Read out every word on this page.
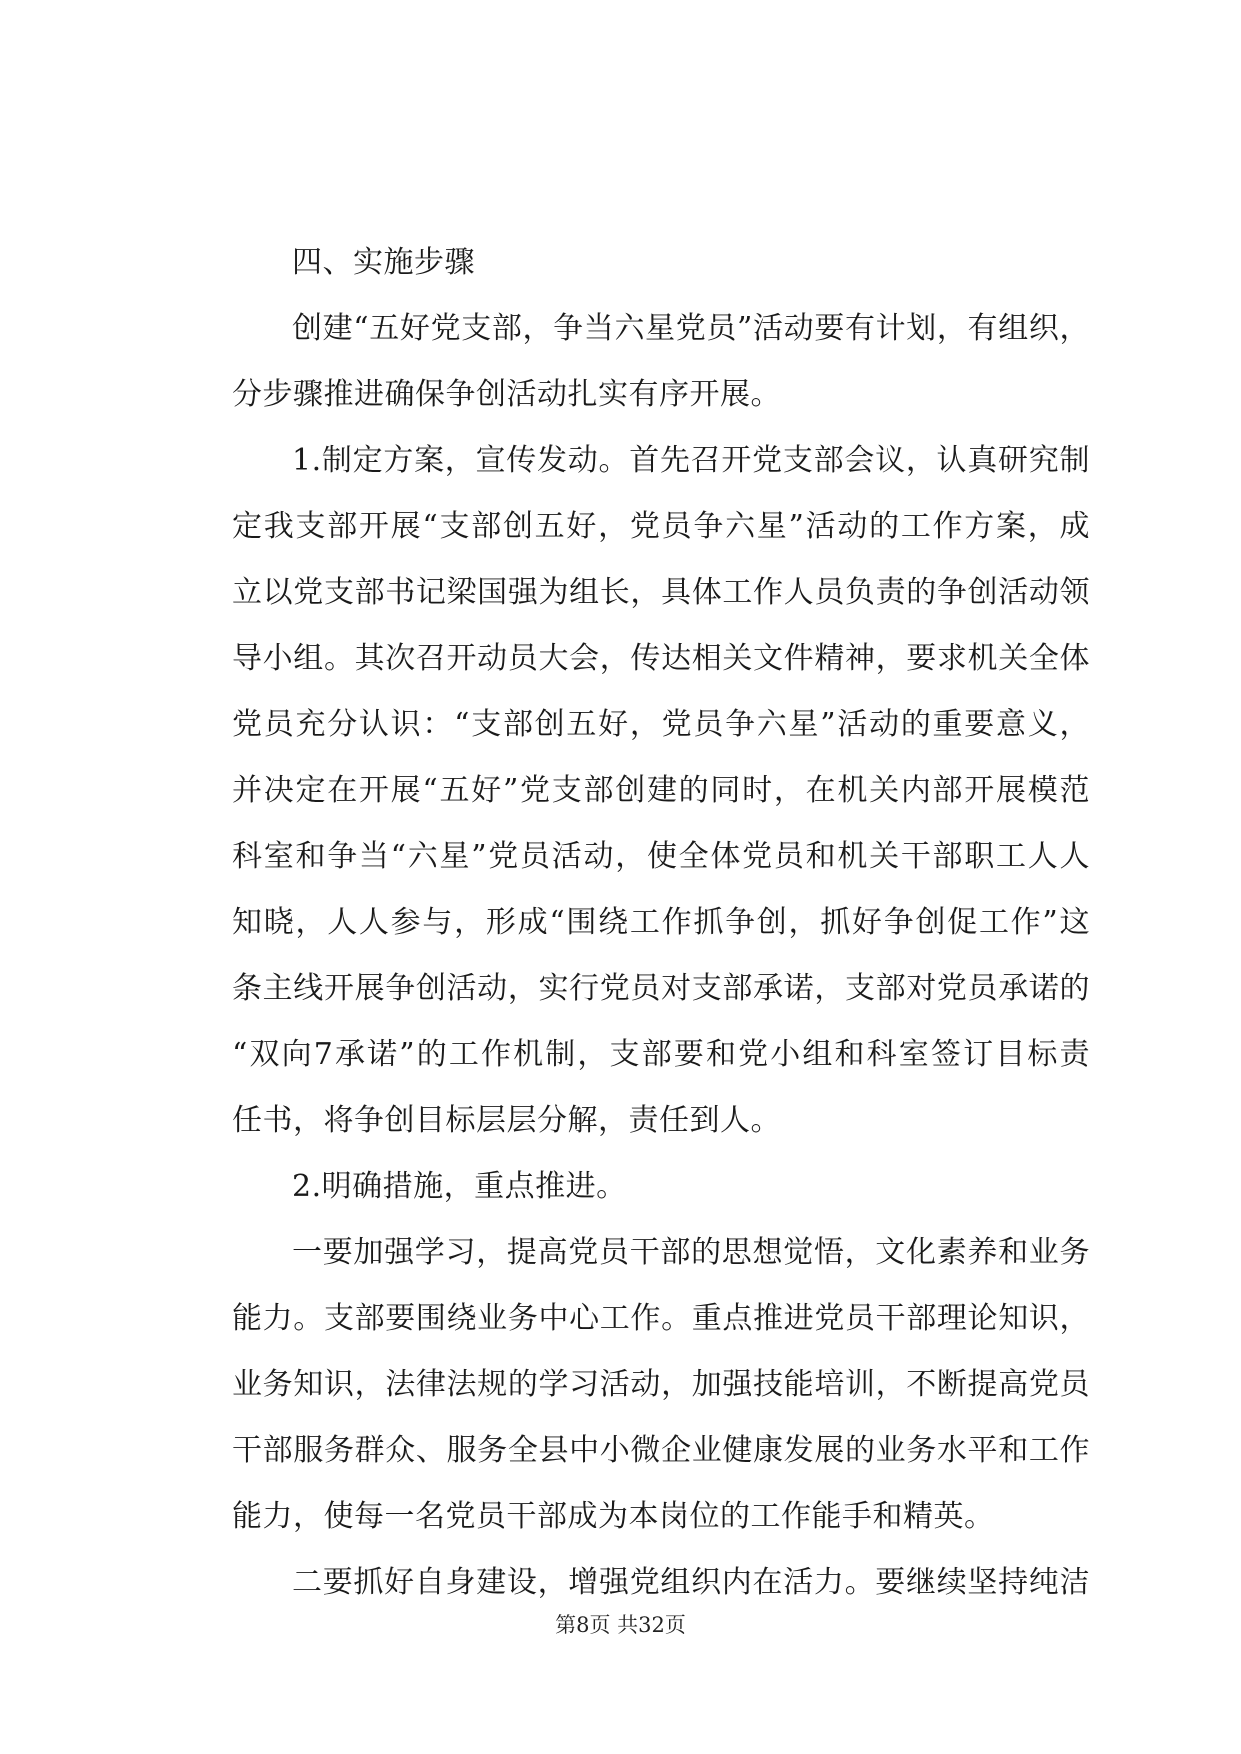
四、实施步骤
创建“五好党支部，争当六星党员”活动要有计划，有组织，
分步骤推进确保争创活动扎实有序开展。
1.制定方案，宣传发动。首先召开党支部会议，认真研究制
定我支部开展“支部创五好，党员争六星”活动的工作方案，成
立以党支部书记梁国强为组长，具体工作人员负责的争创活动领
导小组。其次召开动员大会，传达相关文件精神，要求机关全体
党员充分认识：“支部创五好，党员争六星”活动的重要意义，
并决定在开展“五好”党支部创建的同时，在机关内部开展模范
科室和争当“六星”党员活动，使全体党员和机关干部职工人人
知晓，人人参与，形成“围绕工作抓争创，抓好争创促工作”这
条主线开展争创活动，实行党员对支部承诺，支部对党员承诺的
“双向7承诺”的工作机制，支部要和党小组和科室签订目标责
任书，将争创目标层层分解，责任到人。
2.明确措施，重点推进。
一要加强学习，提高党员干部的思想觉悟，文化素养和业务
能力。支部要围绕业务中心工作。重点推进党员干部理论知识，
业务知识，法律法规的学习活动，加强技能培训，不断提高党员
干部服务群众、服务全县中小微企业健康发展的业务水平和工作
能力，使每一名党员干部成为本岗位的工作能手和精英。
二要抓好自身建设，增强党组织内在活力。要继续坚持纯洁
第8页 共32页
